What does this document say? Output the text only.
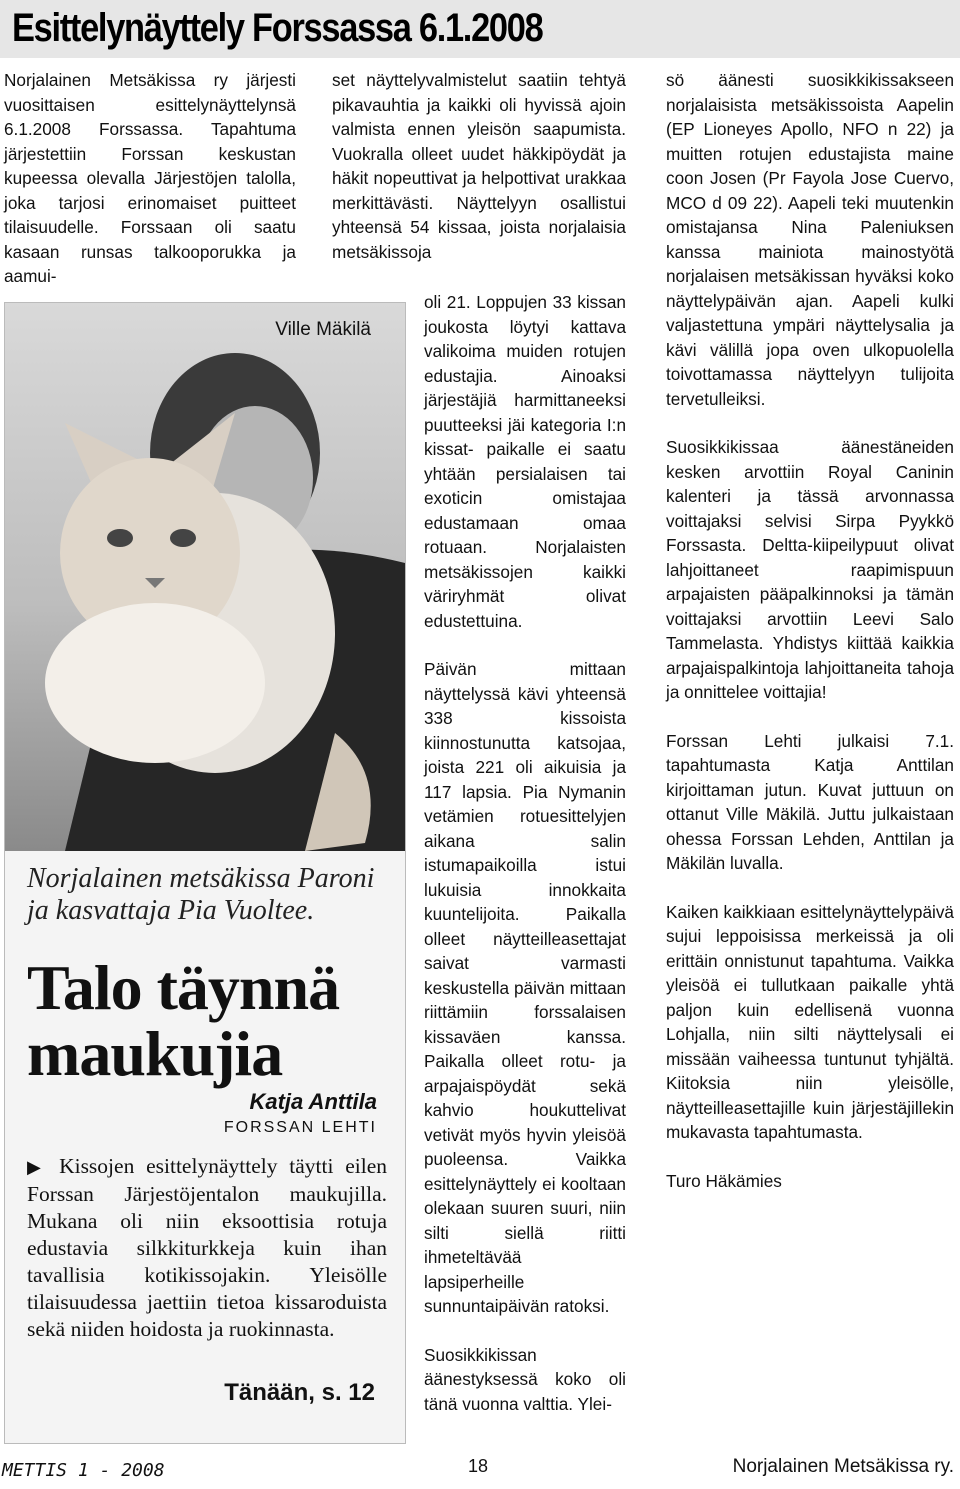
Esittelynäyttely Forssassa 6.1.2008

Norjalainen Metsäkissa ry järjesti vuosittaisen esittelynäyttelynsä 6.1.2008 Forssassa. Tapahtuma järjestettiin Forssan keskustan kupeessa olevalla Järjestöjen talolla, joka tarjosi erinomaiset puitteet tilaisuudelle. Forssaan oli saatu kasaan runsas talkooporukka ja aamui-

set näyttelyvalmistelut saatiin tehtyä pikavauhtia ja kaikki oli hyvissä ajoin valmista ennen yleisön saapumista. Vuokralla olleet uudet häkkipöydät ja häkit nopeuttivat ja helpottivat urakkaa merkittävästi. Näyttelyyn osallistui yhteensä 54 kissaa, joista norjalaisia metsäkissoja

oli 21. Loppujen 33 kissan joukosta löytyi kattava valikoima muiden rotujen edustajia. Ainoaksi järjestäjiä harmittaneeksi puutteeksi jäi kategoria I:n kissat- paikalle ei saatu yhtään persialaisen tai exoticin omistajaa edustamaan omaa rotuaan. Norjalaisten metsäkissojen kaikki väriryhmät olivat edustettuina.

Päivän mittaan näyttelyssä kävi yhteensä 338 kissoista kiinnostunutta katsojaa, joista 221 oli aikuisia ja 117 lapsia. Pia Nymanin vetämien rotuesittelyjen aikana salin istumapaikoilla istui lukuisia innokkaita kuuntelijoita. Paikalla olleet näytteilleasettajat saivat varmasti keskustella päivän mittaan riittämiin forssalaisen kissaväen kanssa. Paikalla olleet rotu- ja arpajaispöydät sekä kahvio houkuttelivat vetivät myös hyvin yleisöä puoleensa. Vaikka esittelynäyttely ei kooltaan olekaan suuren suuri, niin silti siellä riitti ihmeteltävää lapsiperheille sunnuntaipäivän ratoksi.

Suosikkikissan äänestyksessä koko oli tänä vuonna valttia. Ylei-

sö äänesti suosikkikissakseen norjalaisista metsäkissoista Aapelin (EP Lioneyes Apollo, NFO n 22) ja muitten rotujen edustajista maine coon Josen (Pr Fayola Jose Cuervo, MCO d 09 22). Aapeli teki muutenkin omistajansa Nina Paleniuksen kanssa mainiota mainostyötä norjalaisen metsäkissan hyväksi koko näyttelypäivän ajan. Aapeli kulki valjastettuna ympäri näyttelysalia ja kävi välillä jopa oven ulkopuolella toivottamassa näyttelyyn tulijoita tervetulleiksi.

Suosikkikissaa äänestäneiden kesken arvottiin Royal Caninin kalenteri ja tässä arvonnassa voittajaksi selvisi Sirpa Pyykkö Forssasta. Deltta-kiipeilypuut olivat lahjoittaneet raapimispuun arpajaisten pääpalkinnoksi ja tämän voittajaksi arvottiin Leevi Salo Tammelasta. Yhdistys kiittää kaikkia arpajaispalkintoja lahjoittaneita tahoja ja onnittelee voittajia!

Forssan Lehti julkaisi 7.1. tapahtumasta Katja Anttilan kirjoittaman jutun. Kuvat juttuun on ottanut Ville Mäkilä. Juttu julkaistaan ohessa Forssan Lehden, Anttilan ja Mäkilän luvalla.

Kaiken kaikkiaan esittelynäyttelypäivä sujui leppoisissa merkeissä ja oli erittäin onnistunut tapahtuma. Vaikka yleisöä ei tullutkaan paikalle yhtä paljon kuin edellisenä vuonna Lohjalla, niin silti näyttelysali ei missään vaiheessa tuntunut tyhjältä. Kiitoksia niin yleisölle, näytteilleasettajille kuin järjestäjillekin mukavasta tapahtumasta.

Turo Häkämies

Ville Mäkilä
Norjalainen metsäkissa Paroni ja kasvattaja Pia Vuoltee.
Talo täynnä maukujia
Katja Anttila
FORSSAN LEHTI
▶ Kissojen esittelynäyttely täytti eilen Forssan Järjestöjentalon maukujilla. Mukana oli niin eksoottisia rotuja edustavia silkkiturkkeja kuin ihan tavallisia kotikissojakin. Yleisölle tilaisuudessa jaettiin tietoa kissaroduista sekä niiden hoidosta ja ruokinnasta.
Tänään, s. 12
METTIS 1 - 2008	18	Norjalainen Metsäkissa ry.
